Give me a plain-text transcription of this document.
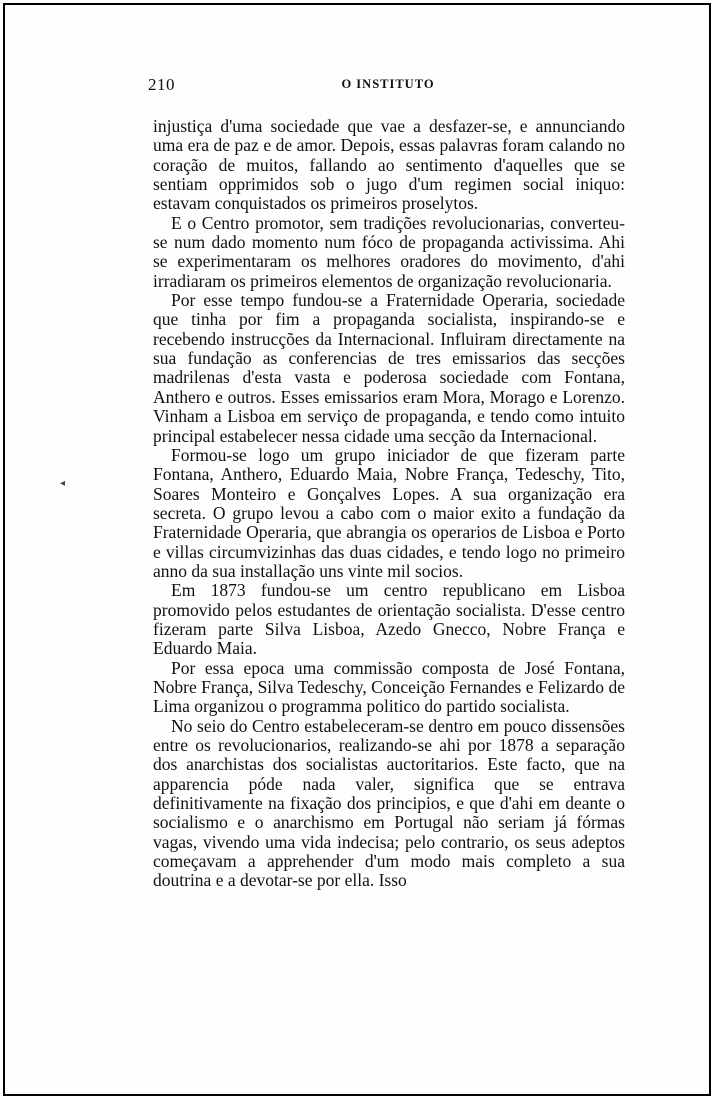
210	O INSTITUTO

injustiça d'uma sociedade que vae a desfazer-se, e annunciando uma era de paz e de amor. Depois, essas palavras foram calando no coração de muitos, fallando ao sentimento d'aquelles que se sentiam opprimidos sob o jugo d'um regimen social iniquo: estavam conquistados os primeiros proselytos.

E o Centro promotor, sem tradições revolucionarias, converteu-se num dado momento num fóco de propaganda activissima. Ahi se experimentaram os melhores oradores do movimento, d'ahi irradiaram os primeiros elementos de organização revolucionaria.

Por esse tempo fundou-se a Fraternidade Operaria, sociedade que tinha por fim a propaganda socialista, inspirando-se e recebendo instrucções da Internacional. Influiram directamente na sua fundação as conferencias de tres emissarios das secções madrilenas d'esta vasta e poderosa sociedade com Fontana, Anthero e outros. Esses emissarios eram Mora, Morago e Lorenzo. Vinham a Lisboa em serviço de propaganda, e tendo como intuito principal estabelecer nessa cidade uma secção da Internacional.

Formou-se logo um grupo iniciador de que fizeram parte Fontana, Anthero, Eduardo Maia, Nobre França, Tedeschy, Tito, Soares Monteiro e Gonçalves Lopes. A sua organização era secreta. O grupo levou a cabo com o maior exito a fundação da Fraternidade Operaria, que abrangia os operarios de Lisboa e Porto e villas circumvizinhas das duas cidades, e tendo logo no primeiro anno da sua installação uns vinte mil socios.

Em 1873 fundou-se um centro republicano em Lisboa promovido pelos estudantes de orientação socialista. D'esse centro fizeram parte Silva Lisboa, Azedo Gnecco, Nobre França e Eduardo Maia.

Por essa epoca uma commissão composta de José Fontana, Nobre França, Silva Tedeschy, Conceição Fernandes e Felizardo de Lima organizou o programma politico do partido socialista.

No seio do Centro estabeleceram-se dentro em pouco dissensões entre os revolucionarios, realizando-se ahi por 1878 a separação dos anarchistas dos socialistas auctoritarios. Este facto, que na apparencia póde nada valer, significa que se entrava definitivamente na fixação dos principios, e que d'ahi em deante o socialismo e o anarchismo em Portugal não seriam já fórmas vagas, vivendo uma vida indecisa; pelo contrario, os seus adeptos começavam a apprehender d'um modo mais completo a sua doutrina e a devotar-se por ella. Isso

◂
